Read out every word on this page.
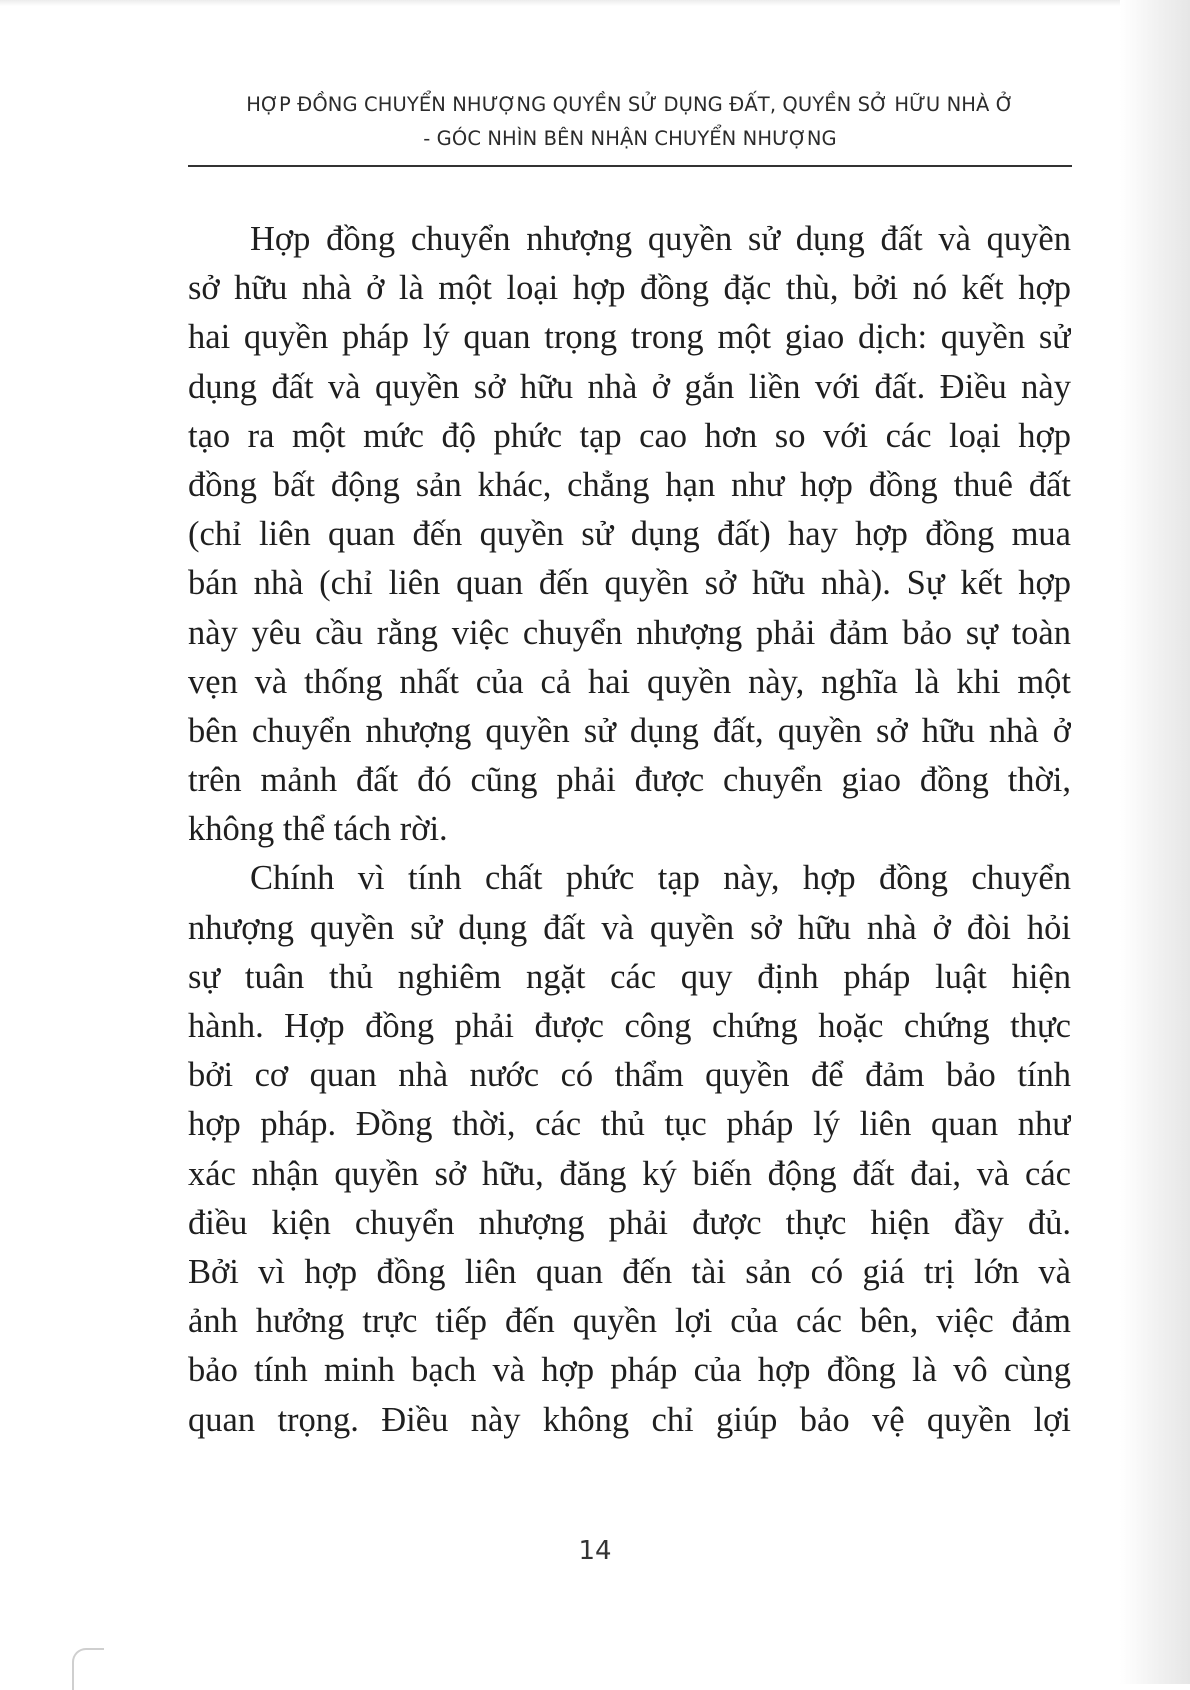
HỢP ĐỒNG CHUYỂN NHƯỢNG QUYỀN SỬ DỤNG ĐẤT, QUYỀN SỞ HỮU NHÀ Ở
- GÓC NHÌN BÊN NHẬN CHUYỂN NHƯỢNG
Hợp đồng chuyển nhượng quyền sử dụng đất và quyền
sở hữu nhà ở là một loại hợp đồng đặc thù, bởi nó kết hợp
hai quyền pháp lý quan trọng trong một giao dịch: quyền sử
dụng đất và quyền sở hữu nhà ở gắn liền với đất. Điều này
tạo ra một mức độ phức tạp cao hơn so với các loại hợp
đồng bất động sản khác, chẳng hạn như hợp đồng thuê đất
(chỉ liên quan đến quyền sử dụng đất) hay hợp đồng mua
bán nhà (chỉ liên quan đến quyền sở hữu nhà). Sự kết hợp
này yêu cầu rằng việc chuyển nhượng phải đảm bảo sự toàn
vẹn và thống nhất của cả hai quyền này, nghĩa là khi một
bên chuyển nhượng quyền sử dụng đất, quyền sở hữu nhà ở
trên mảnh đất đó cũng phải được chuyển giao đồng thời,
không thể tách rời.
Chính vì tính chất phức tạp này, hợp đồng chuyển
nhượng quyền sử dụng đất và quyền sở hữu nhà ở đòi hỏi
sự tuân thủ nghiêm ngặt các quy định pháp luật hiện
hành. Hợp đồng phải được công chứng hoặc chứng thực
bởi cơ quan nhà nước có thẩm quyền để đảm bảo tính
hợp pháp. Đồng thời, các thủ tục pháp lý liên quan như
xác nhận quyền sở hữu, đăng ký biến động đất đai, và các
điều kiện chuyển nhượng phải được thực hiện đầy đủ.
Bởi vì hợp đồng liên quan đến tài sản có giá trị lớn và
ảnh hưởng trực tiếp đến quyền lợi của các bên, việc đảm
bảo tính minh bạch và hợp pháp của hợp đồng là vô cùng
quan trọng. Điều này không chỉ giúp bảo vệ quyền lợi
14
